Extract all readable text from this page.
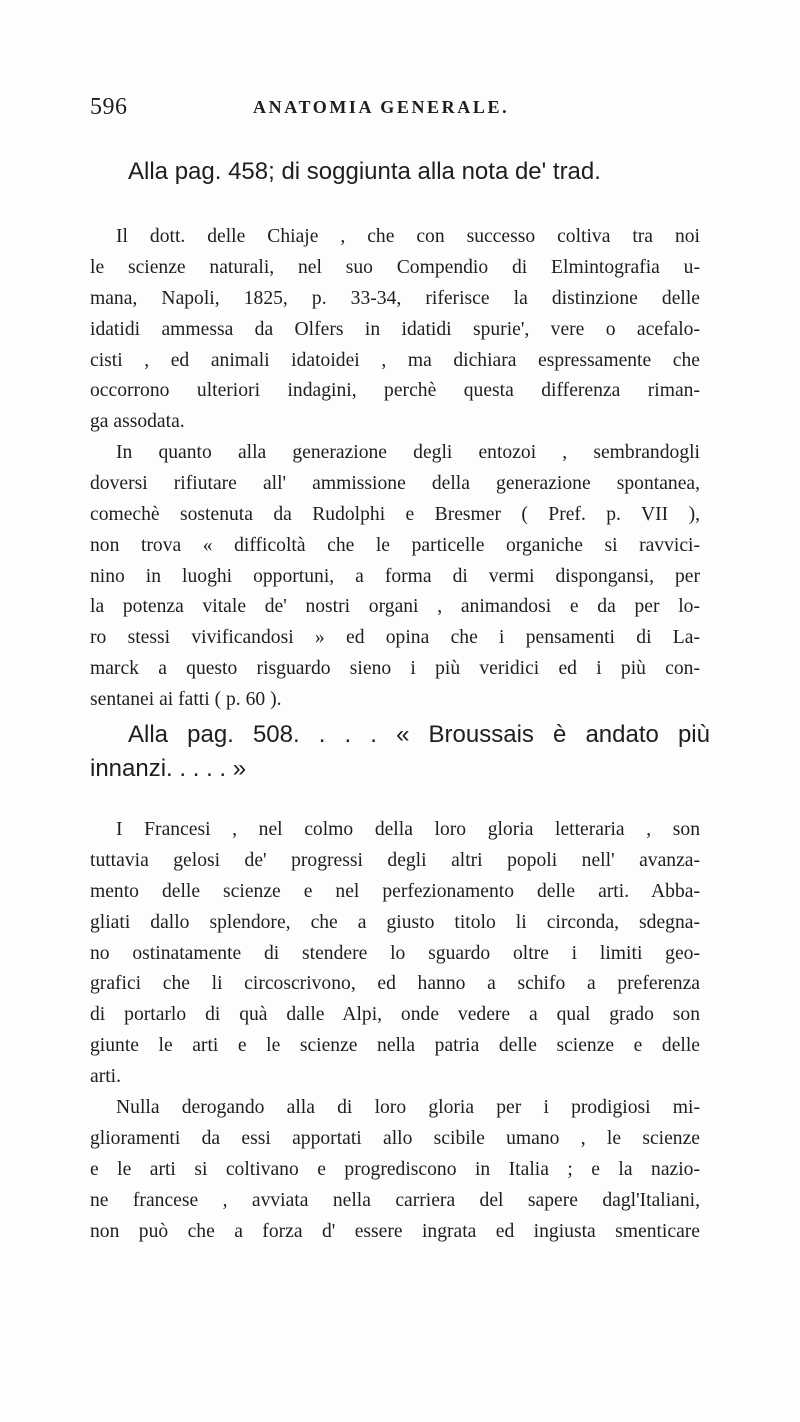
596	ANATOMIA GENERALE.
Alla pag. 458; di soggiunta alla nota de' trad.
Il dott. delle Chiaje , che con successo coltiva tra noi
le scienze naturali, nel suo Compendio di Elmintografia u-
mana, Napoli, 1825, p. 33-34, riferisce la distinzione delle
idatidi ammessa da Olfers in idatidi spurie', vere o acefalo-
cisti , ed animali idatoidei , ma dichiara espressamente che
occorrono ulteriori indagini, perchè questa differenza riman-
ga assodata.
In quanto alla generazione degli entozoi , sembrandogli
doversi rifiutare all' ammissione della generazione spontanea,
comechè sostenuta da Rudolphi e Bresmer ( Pref. p. VII ),
non trova « difficoltà che le particelle organiche si ravvici-
nino in luoghi opportuni, a forma di vermi dispongansi, per
la potenza vitale de' nostri organi , animandosi e da per lo-
ro stessi vivificandosi » ed opina che i pensamenti di La-
marck a questo risguardo sieno i più veridici ed i più con-
sentanei ai fatti ( p. 60 ).
Alla pag. 508. . . . « Broussais è andato più
innanzi. . . . . »
I Francesi , nel colmo della loro gloria letteraria , son
tuttavia gelosi de' progressi degli altri popoli nell' avanza-
mento delle scienze e nel perfezionamento delle arti. Abba-
gliati dallo splendore, che a giusto titolo li circonda, sdegna-
no ostinatamente di stendere lo sguardo oltre i limiti geo-
grafici che li circoscrivono, ed hanno a schifo a preferenza
di portarlo di quà dalle Alpi, onde vedere a qual grado son
giunte le arti e le scienze nella patria delle scienze e delle
arti.
Nulla derogando alla di loro gloria per i prodigiosi mi-
glioramenti da essi apportati allo scibile umano , le scienze
e le arti si coltivano e progrediscono in Italia ; e la nazio-
ne francese , avviata nella carriera del sapere dagl'Italiani,
non può che a forza d' essere ingrata ed ingiusta smenticare
